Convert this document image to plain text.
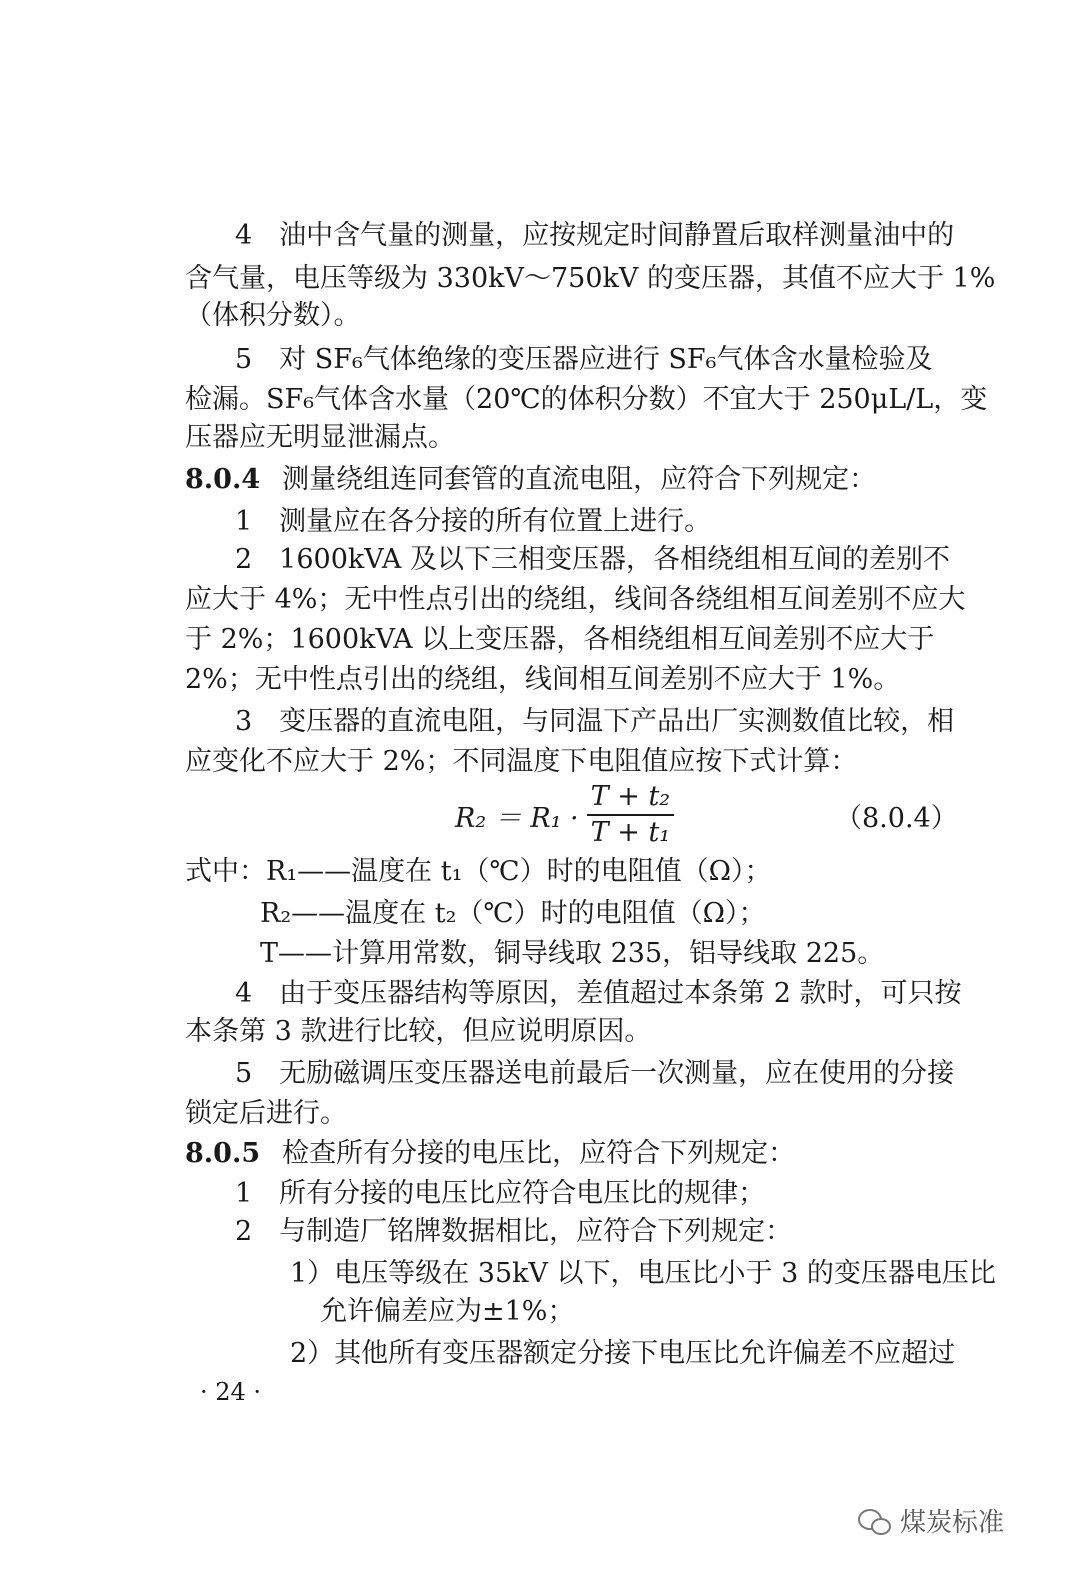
4　油中含气量的测量，应按规定时间静置后取样测量油中的
含气量，电压等级为 330kV～750kV 的变压器，其值不应大于 1%
（体积分数）。
5　对 SF₆气体绝缘的变压器应进行 SF₆气体含水量检验及
检漏。SF₆气体含水量（20℃的体积分数）不宜大于 250μL/L，变
压器应无明显泄漏点。
8.0.4 测量绕组连同套管的直流电阻，应符合下列规定：
1　测量应在各分接的所有位置上进行。
2　1600kVA 及以下三相变压器，各相绕组相互间的差别不
应大于 4%；无中性点引出的绕组，线间各绕组相互间差别不应大
于 2%；1600kVA 以上变压器，各相绕组相互间差别不应大于
2%；无中性点引出的绕组，线间相互间差别不应大于 1%。
3　变压器的直流电阻，与同温下产品出厂实测数值比较，相
应变化不应大于 2%；不同温度下电阻值应按下式计算：
$R_2 = R_1 \cdot \frac{\text{T + t₂}}{\text{T + t₁}}$	（8.0.4）
式中：R₁——温度在 t₁（℃）时的电阻值（Ω）；
R₂——温度在 t₂（℃）时的电阻值（Ω）；
T——计算用常数，铜导线取 235，铝导线取 225。
4　由于变压器结构等原因，差值超过本条第 2 款时，可只按
本条第 3 款进行比较，但应说明原因。
5　无励磁调压变压器送电前最后一次测量，应在使用的分接
锁定后进行。
8.0.5 检查所有分接的电压比，应符合下列规定：
1　所有分接的电压比应符合电压比的规律；
2　与制造厂铭牌数据相比，应符合下列规定：
1）电压等级在 35kV 以下，电压比小于 3 的变压器电压比
允许偏差应为±1%；
2）其他所有变压器额定分接下电压比允许偏差不应超过
· 24 ·
煤炭标准
